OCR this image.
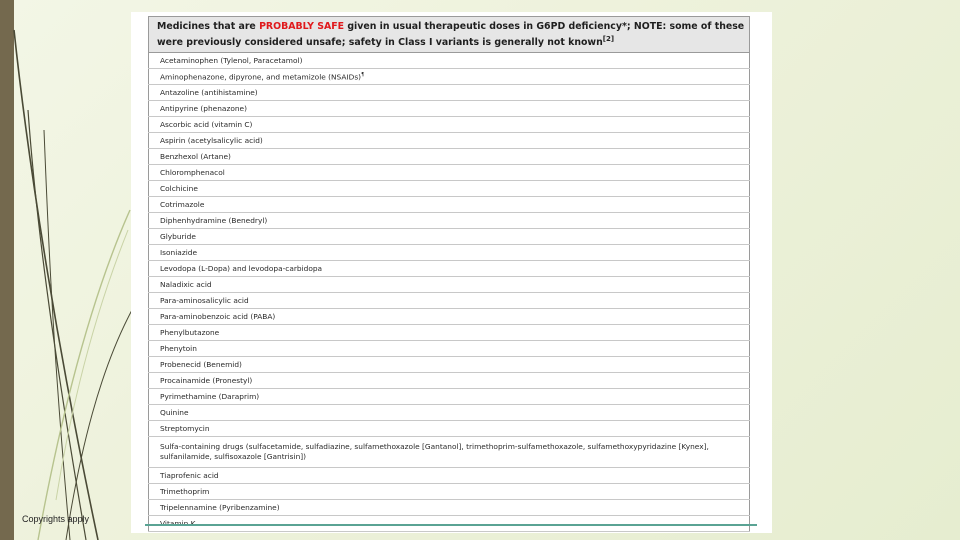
Copyrights apply
Medicines that are PROBABLY SAFE given in usual therapeutic doses in G6PD deficiency*; NOTE: some of these were previously considered unsafe; safety in Class I variants is generally not known[2]
Acetaminophen (Tylenol, Paracetamol)
Aminophenazone, dipyrone, and metamizole (NSAIDs)¶
Antazoline (antihistamine)
Antipyrine (phenazone)
Ascorbic acid (vitamin C)
Aspirin (acetylsalicylic acid)
Benzhexol (Artane)
Chloromphenacol
Colchicine
Cotrimazole
Diphenhydramine (Benedryl)
Glyburide
Isoniazide
Levodopa (L-Dopa) and levodopa-carbidopa
Naladixic acid
Para-aminosalicylic acid
Para-aminobenzoic acid (PABA)
Phenylbutazone
Phenytoin
Probenecid (Benemid)
Procainamide (Pronestyl)
Pyrimethamine (Daraprim)
Quinine
Streptomycin
Sulfa-containing drugs (sulfacetamide, sulfadiazine, sulfamethoxazole [Gantanol], trimethoprim-sulfamethoxazole, sulfamethoxypyridazine [Kynex], sulfanilamide, sulfisoxazole [Gantrisin])
Tiaprofenic acid
Trimethoprim
Tripelennamine (Pyribenzamine)
